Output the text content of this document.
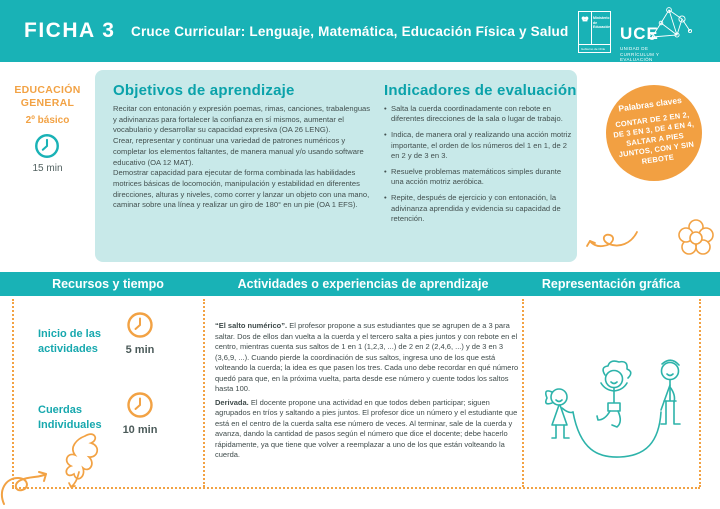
FICHA 3 Cruce Curricular: Lenguaje, Matemática, Educación Física y Salud
Ministerio de
Educación
Gobierno de Chile
UCE
UNIDAD DE
CURRÍCULUM Y
EVALUACIÓN
EDUCACIÓN
GENERAL
2º básico
15 min
Objetivos de aprendizaje

Recitar con entonación y expresión poemas, rimas, canciones, trabalenguas y adivinanzas para fortalecer la confianza en sí mismos, aumentar el vocabulario y desarrollar su capacidad expresiva (OA 26 LENG).

Crear, representar y continuar una variedad de patrones numéricos y completar los elementos faltantes, de manera manual y/o usando software educativo (OA 12 MAT).

Demostrar capacidad para ejecutar de forma combinada las habilidades motrices básicas de locomoción, manipulación y estabilidad en diferentes direcciones, alturas y niveles, como correr y lanzar un objeto con una mano, caminar sobre una línea y realizar un giro de 180° en un pie (OA 1 EFS).

Indicadores de evaluación

• Salta la cuerda coordinadamente con rebote en diferentes direcciones de la sala o lugar de trabajo.

• Indica, de manera oral y realizando una acción motriz importante, el orden de los números del 1 en 1, de 2 en 2 y de 3 en 3.

• Resuelve problemas matemáticos simples durante una acción motriz aeróbica.

• Repite, después de ejercicio y con entonación, la adivinanza aprendida y evidencia su capacidad de retención.

Palabras claves
CONTAR DE 2 EN 2, DE 3 EN 3, DE 4 EN 4, SALTAR A PIES JUNTOS, CON Y SIN REBOTE
Recursos y tiempo	Actividades o experiencias de aprendizaje	Representación gráfica
Inicio de las actividades	5 min
Cuerdas Individuales	10 min

“El salto numérico”. El profesor propone a sus estudiantes que se agrupen de a 3 para saltar. Dos de ellos dan vuelta a la cuerda y el tercero salta a pies juntos y con rebote en el centro, mientras cuenta sus saltos de 1 en 1 (1,2,3, ...) de 2 en 2 (2,4,6, ...) y de 3 en 3 (3,6,9, ...). Cuando pierde la coordinación de sus saltos, ingresa uno de los que está volteando la cuerda; la idea es que pasen los tres. Cada uno debe recordar en qué número quedó para que, en la próxima vuelta, parta desde ese número y cuente todos los saltos hasta 100.

Derivada. El docente propone una actividad en que todos deben participar; siguen agrupados en tríos y saltando a pies juntos. El profesor dice un número y el estudiante que está en el centro de la cuerda salta ese número de veces. Al terminar, sale de la cuerda y avanza, dando la cantidad de pasos según el número que dice el docente; debe hacerlo rápidamente, ya que tiene que volver a reemplazar a uno de los que están volteando la cuerda.
